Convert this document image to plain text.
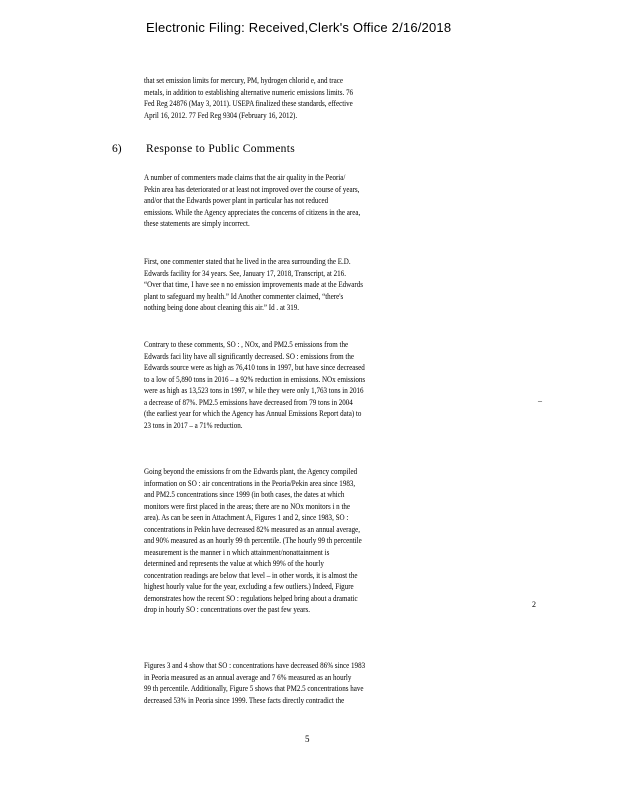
Electronic Filing: Received,Clerk's Office 2/16/2018
that set emission limits for mercury, PM, hydrogen chlorid e, and trace
metals, in addition to establishing alternative numeric emissions limits. 76
Fed Reg 24876 (May 3, 2011). USEPA finalized these standards, effective
April 16, 2012. 77 Fed Reg 9304 (February 16, 2012).
6) Response to Public Comments
A number of commenters made claims that the air quality in the Peoria/
Pekin area has deteriorated or at least not improved over the course of years,
and/or that the Edwards power plant in particular has not reduced
emissions. While the Agency appreciates the concerns of citizens in the area,
these statements are simply incorrect.
First, one commenter stated that he lived in the area surrounding the E.D.
Edwards facility for 34 years. See, January 17, 2018, Transcript, at 216.
“Over that time, I have see n no emission improvements made at the Edwards
plant to safeguard my health.” Id Another commenter claimed, “there's
nothing being done about cleaning this air.” Id . at 319.
Contrary to these comments, SO : , NOx, and PM2.5 emissions from the
Edwards faci lity have all significantly decreased. SO : emissions from the
Edwards source were as high as 76,410 tons in 1997, but have since decreased
to a low of 5,890 tons in 2016 – a 92% reduction in emissions. NOx emissions
were as high as 13,523 tons in 1997, w hile they were only 1,763 tons in 2016
a decrease of 87%. PM2.5 emissions have decreased from 79 tons in 2004
(the earliest year for which the Agency has Annual Emissions Report data) to
23 tons in 2017 – a 71% reduction.
–
Going beyond the emissions fr om the Edwards plant, the Agency compiled
information on SO : air concentrations in the Peoria/Pekin area since 1983,
and PM2.5 concentrations since 1999 (in both cases, the dates at which
monitors were first placed in the areas; there are no NOx monitors i n the
area). As can be seen in Attachment A, Figures 1 and 2, since 1983, SO :
concentrations in Pekin have decreased 82% measured as an annual average,
and 90% measured as an hourly 99 th percentile. (The hourly 99 th percentile
measurement is the manner i n which attainment/nonattainment is
determined and represents the value at which 99% of the hourly
concentration readings are below that level – in other words, it is almost the
highest hourly value for the year, excluding a few outliers.) Indeed, Figure
demonstrates how the recent SO : regulations helped bring about a dramatic
drop in hourly SO : concentrations over the past few years.
2
Figures 3 and 4 show that SO : concentrations have decreased 86% since 1983
in Peoria measured as an annual average and 7 6% measured as an hourly
99 th percentile. Additionally, Figure 5 shows that PM2.5 concentrations have
decreased 53% in Peoria since 1999. These facts directly contradict the
5
